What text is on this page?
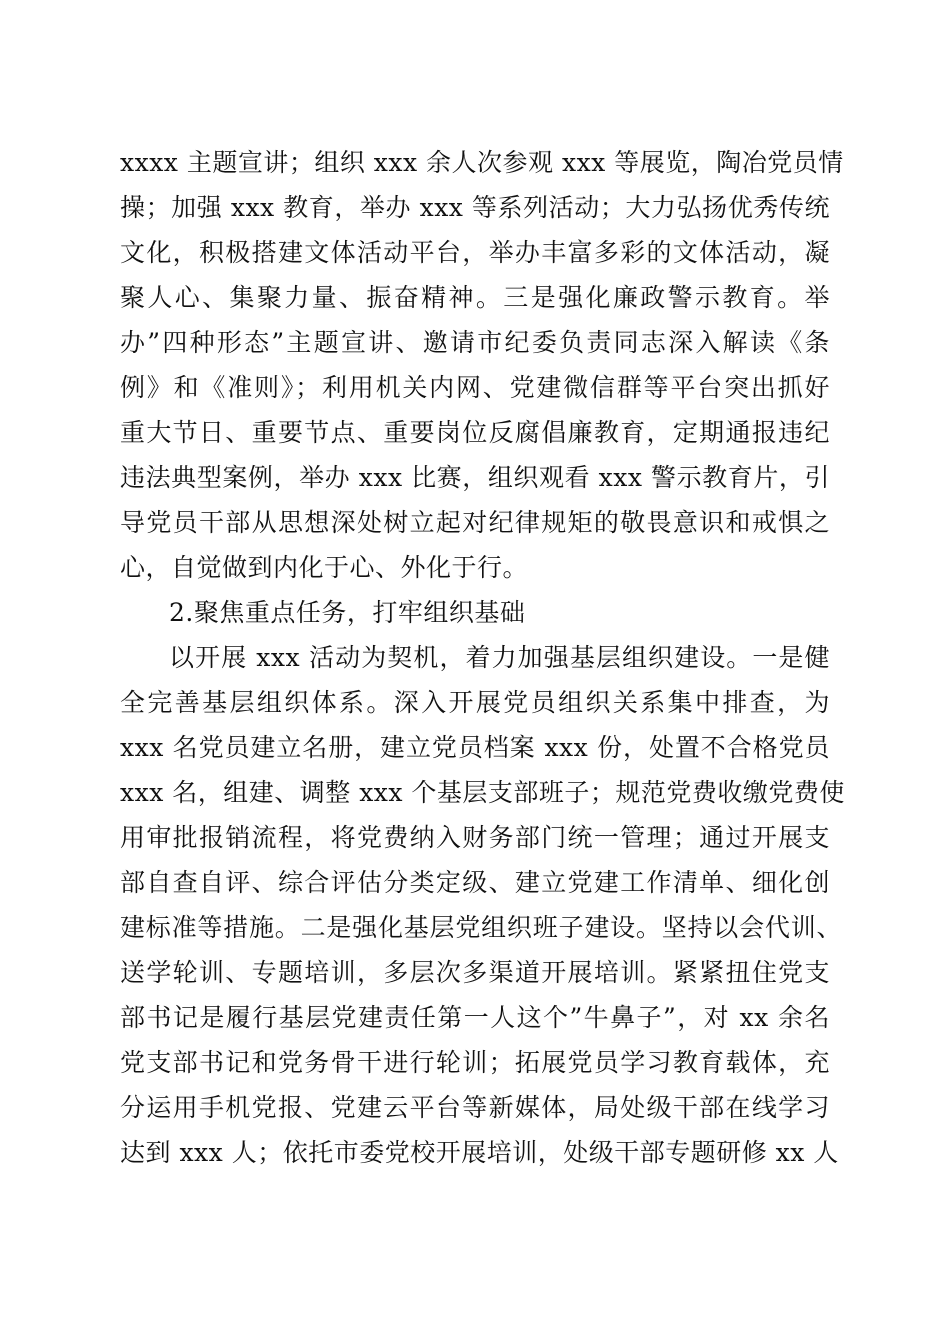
xxxx 主题宣讲；组织 xxx 余人次参观 xxx 等展览，陶冶党员情
操；加强 xxx 教育，举办 xxx 等系列活动；大力弘扬优秀传统
文化，积极搭建文体活动平台，举办丰富多彩的文体活动，凝
聚人心、集聚力量、振奋精神。三是强化廉政警示教育。举
办”四种形态”主题宣讲、邀请市纪委负责同志深入解读《条
例》和《准则》；利用机关内网、党建微信群等平台突出抓好
重大节日、重要节点、重要岗位反腐倡廉教育，定期通报违纪
违法典型案例，举办 xxx 比赛，组织观看 xxx 警示教育片，引
导党员干部从思想深处树立起对纪律规矩的敬畏意识和戒惧之
心，自觉做到内化于心、外化于行。
2.聚焦重点任务，打牢组织基础
以开展 xxx 活动为契机，着力加强基层组织建设。一是健
全完善基层组织体系。深入开展党员组织关系集中排查，为
xxx 名党员建立名册，建立党员档案 xxx 份，处置不合格党员
xxx 名，组建、调整 xxx 个基层支部班子；规范党费收缴党费使
用审批报销流程，将党费纳入财务部门统一管理；通过开展支
部自查自评、综合评估分类定级、建立党建工作清单、细化创
建标准等措施。二是强化基层党组织班子建设。坚持以会代训、
送学轮训、专题培训，多层次多渠道开展培训。紧紧扭住党支
部书记是履行基层党建责任第一人这个”牛鼻子”，对 xx 余名
党支部书记和党务骨干进行轮训；拓展党员学习教育载体，充
分运用手机党报、党建云平台等新媒体，局处级干部在线学习
达到 xxx 人；依托市委党校开展培训，处级干部专题研修 xx 人
